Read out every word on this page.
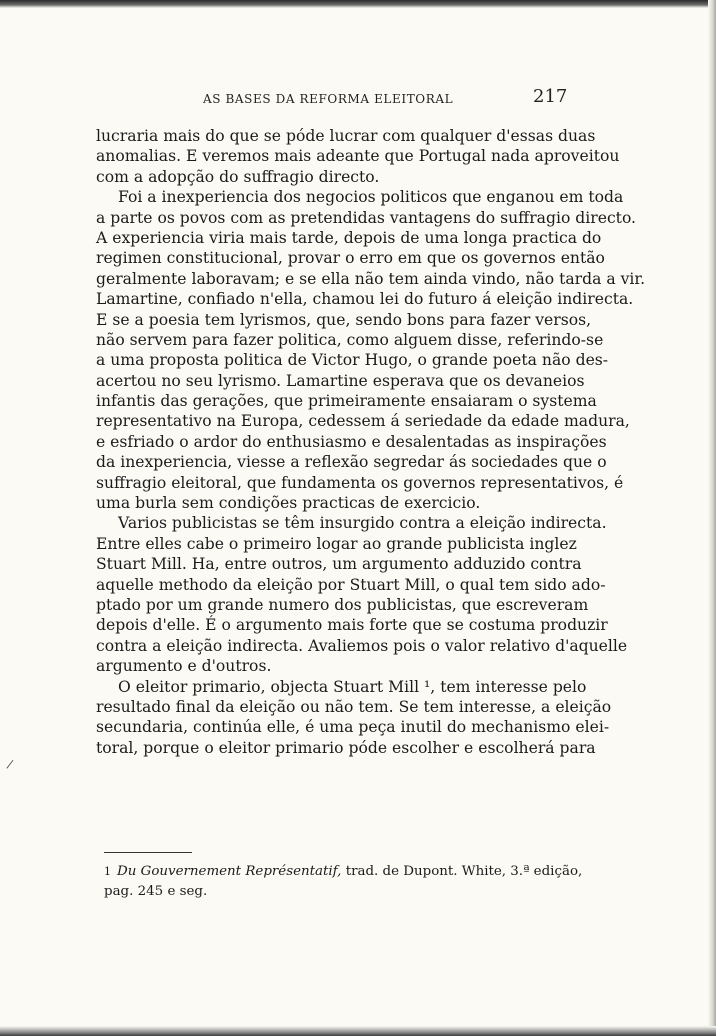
AS BASES DA REFORMA ELEITORAL	217
lucraria mais do que se póde lucrar com qualquer d'essas duas
anomalias. E veremos mais adeante que Portugal nada aproveitou
com a adopção do suffragio directo.
Foi a inexperiencia dos negocios politicos que enganou em toda
a parte os povos com as pretendidas vantagens do suffragio directo.
A experiencia viria mais tarde, depois de uma longa practica do
regimen constitucional, provar o erro em que os governos então
geralmente laboravam; e se ella não tem ainda vindo, não tarda a vir.
Lamartine, confiado n'ella, chamou lei do futuro á eleição indirecta.
E se a poesia tem lyrismos, que, sendo bons para fazer versos,
não servem para fazer politica, como alguem disse, referindo-se
a uma proposta politica de Victor Hugo, o grande poeta não des-
acertou no seu lyrismo. Lamartine esperava que os devaneios
infantis das gerações, que primeiramente ensaiaram o systema
representativo na Europa, cedessem á seriedade da edade madura,
e esfriado o ardor do enthusiasmo e desalentadas as inspirações
da inexperiencia, viesse a reflexão segredar ás sociedades que o
suffragio eleitoral, que fundamenta os governos representativos, é
uma burla sem condições practicas de exercicio.
Varios publicistas se têm insurgido contra a eleição indirecta.
Entre elles cabe o primeiro logar ao grande publicista inglez
Stuart Mill. Ha, entre outros, um argumento adduzido contra
aquelle methodo da eleição por Stuart Mill, o qual tem sido ado-
ptado por um grande numero dos publicistas, que escreveram
depois d'elle. É o argumento mais forte que se costuma produzir
contra a eleição indirecta. Avaliemos pois o valor relativo d'aquelle
argumento e d'outros.
O eleitor primario, objecta Stuart Mill ¹, tem interesse pelo
resultado final da eleição ou não tem. Se tem interesse, a eleição
secundaria, continúa elle, é uma peça inutil do mechanismo elei-
toral, porque o eleitor primario póde escolher e escolherá para
1 Du Gouvernement Représentatif, trad. de Dupont. White, 3.ª edição,
pag. 245 e seg.
/
